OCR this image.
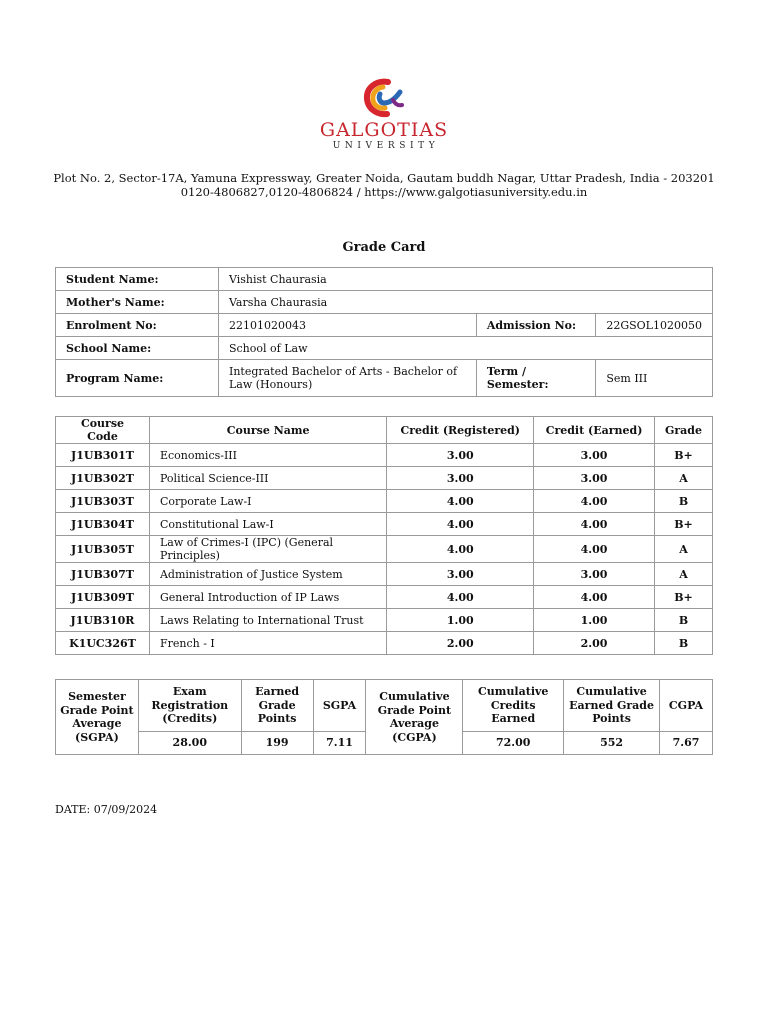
GALGOTIAS
UNIVERSITY
Plot No. 2, Sector-17A, Yamuna Expressway, Greater Noida, Gautam buddh Nagar, Uttar Pradesh, India - 203201
0120-4806827,0120-4806824 / https://www.galgotiasuniversity.edu.in
Grade Card
Student Name:	Vishist Chaurasia		
Mother's Name:	Varsha Chaurasia		
Enrolment No:	22101020043	Admission No:	22GSOL1020050
School Name:	School of Law		
Program Name:	Integrated Bachelor of Arts - Bachelor of Law (Honours)	Term / Semester:	Sem III
Course Code	Course Name	Credit (Registered)	Credit (Earned)	Grade
J1UB301T	Economics-III	3.00	3.00	B+
J1UB302T	Political Science-III	3.00	3.00	A
J1UB303T	Corporate Law-I	4.00	4.00	B
J1UB304T	Constitutional Law-I	4.00	4.00	B+
J1UB305T	Law of Crimes-I (IPC) (General Principles)	4.00	4.00	A
J1UB307T	Administration of Justice System	3.00	3.00	A
J1UB309T	General Introduction of IP Laws	4.00	4.00	B+
J1UB310R	Laws Relating to International Trust	1.00	1.00	B
K1UC326T	French - I	2.00	2.00	B
Semester Grade Point Average (SGPA)	Exam Registration (Credits)	Earned Grade Points	SGPA	Cumulative Grade Point Average (CGPA)	Cumulative Credits Earned	Cumulative Earned Grade Points	CGPA
	28.00	199	7.11		72.00	552	7.67
DATE: 07/09/2024
